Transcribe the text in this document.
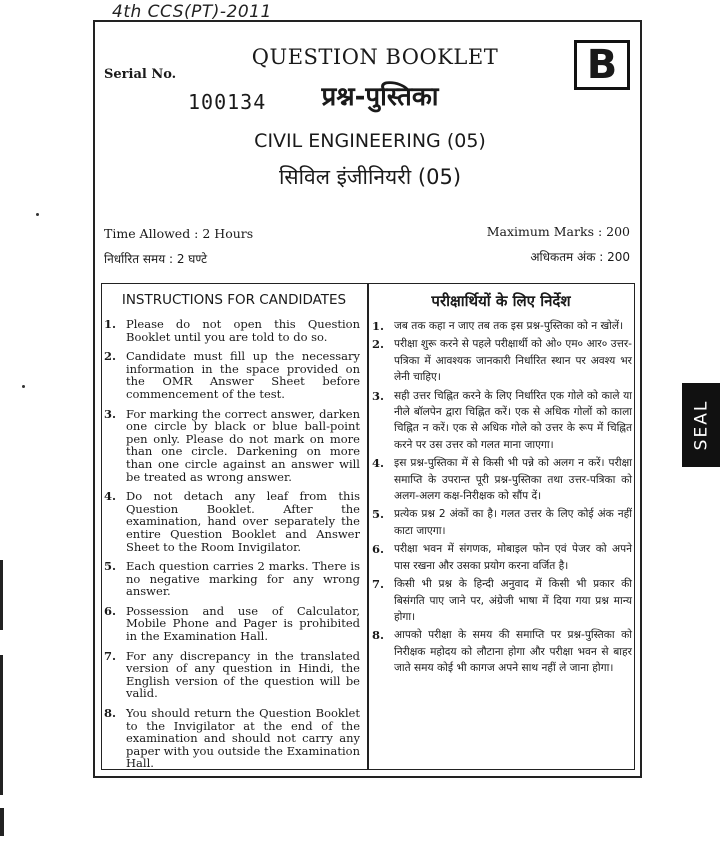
4th CCS(PT)-2011
Serial No.
100134
QUESTION BOOKLET
प्रश्न-पुस्तिका
B
CIVIL ENGINEERING (05)
सिविल इंजीनियरी (05)
Time Allowed : 2 Hours
निर्धारित समय : 2 घण्टे
Maximum Marks : 200
अधिकतम अंक : 200
INSTRUCTIONS FOR CANDIDATES	परीक्षार्थियों के लिए निर्देश
1. Please do not open this Question Booklet until you are told to do so.
2. Candidate must fill up the necessary information in the space provided on the OMR Answer Sheet before commencement of the test.
3. For marking the correct answer, darken one circle by black or blue ball-point pen only. Please do not mark on more than one circle. Darkening on more than one circle against an answer will be treated as wrong answer.
4. Do not detach any leaf from this Question Booklet. After the examination, hand over separately the entire Question Booklet and Answer Sheet to the Room Invigilator.
5. Each question carries 2 marks. There is no negative marking for any wrong answer.
6. Possession and use of Calculator, Mobile Phone and Pager is prohibited in the Examination Hall.
7. For any discrepancy in the translated version of any question in Hindi, the English version of the question will be valid.
8. You should return the Question Booklet to the Invigilator at the end of the examination and should not carry any paper with you outside the Examination Hall.
1. जब तक कहा न जाए तब तक इस प्रश्न-पुस्तिका को न खोलें।
2. परीक्षा शुरू करने से पहले परीक्षार्थी को ओ० एम० आर० उत्तर-पत्रिका में आवश्यक जानकारी निर्धारित स्थान पर अवश्य भर लेनी चाहिए।
3. सही उत्तर चिह्नित करने के लिए निर्धारित एक गोले को काले या नीले बॉलपेन द्वारा चिह्नित करें। एक से अधिक गोलों को काला चिह्नित न करें। एक से अधिक गोले को उत्तर के रूप में चिह्नित करने पर उस उत्तर को गलत माना जाएगा।
4. इस प्रश्न-पुस्तिका में से किसी भी पन्ने को अलग न करें। परीक्षा समाप्ति के उपरान्त पूरी प्रश्न-पुस्तिका तथा उत्तर-पत्रिका को अलग-अलग कक्ष-निरीक्षक को सौंप दें।
5. प्रत्येक प्रश्न 2 अंकों का है। गलत उत्तर के लिए कोई अंक नहीं काटा जाएगा।
6. परीक्षा भवन में संगणक, मोबाइल फोन एवं पेजर को अपने पास रखना और उसका प्रयोग करना वर्जित है।
7. किसी भी प्रश्न के हिन्दी अनुवाद में किसी भी प्रकार की बिसंगति पाए जाने पर, अंग्रेजी भाषा में दिया गया प्रश्न मान्य होगा।
8. आपको परीक्षा के समय की समाप्ति पर प्रश्न-पुस्तिका को निरीक्षक महोदय को लौटाना होगा और परीक्षा भवन से बाहर जाते समय कोई भी कागज अपने साथ नहीं ले जाना होगा।
SEAL
